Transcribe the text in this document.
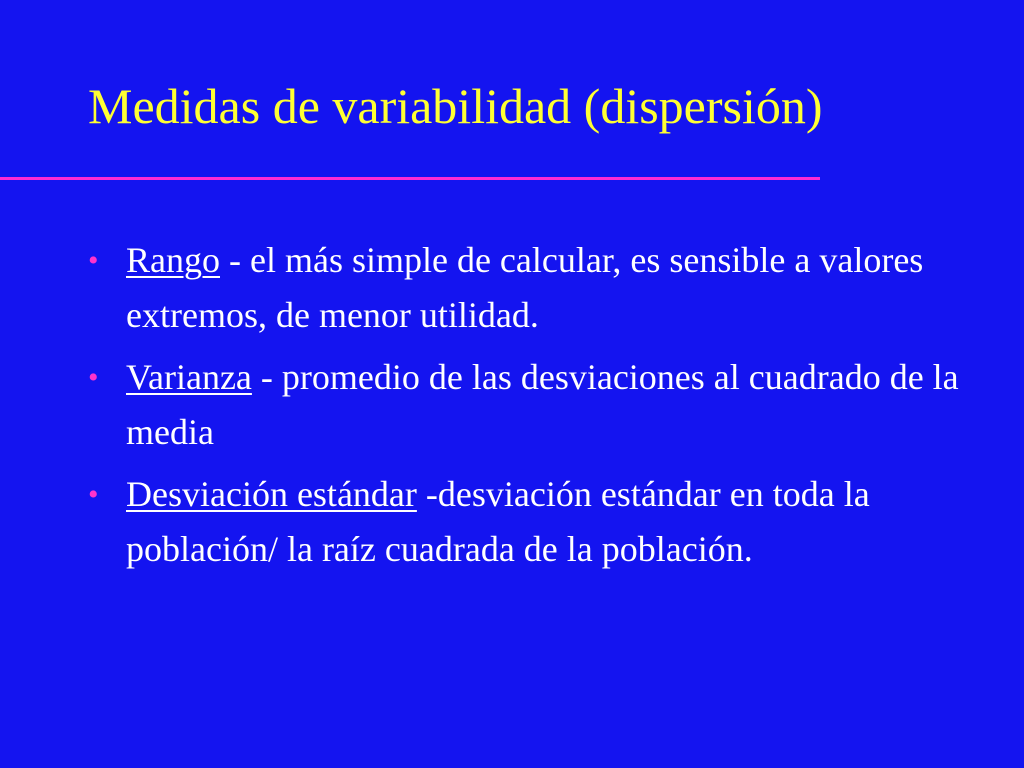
Medidas de variabilidad (dispersión)
• Rango - el más simple de calcular, es sensible a valores extremos, de menor utilidad.
• Varianza - promedio de las desviaciones al cuadrado de la media
• Desviación estándar -desviación estándar en toda la población/ la raíz cuadrada de la población.
